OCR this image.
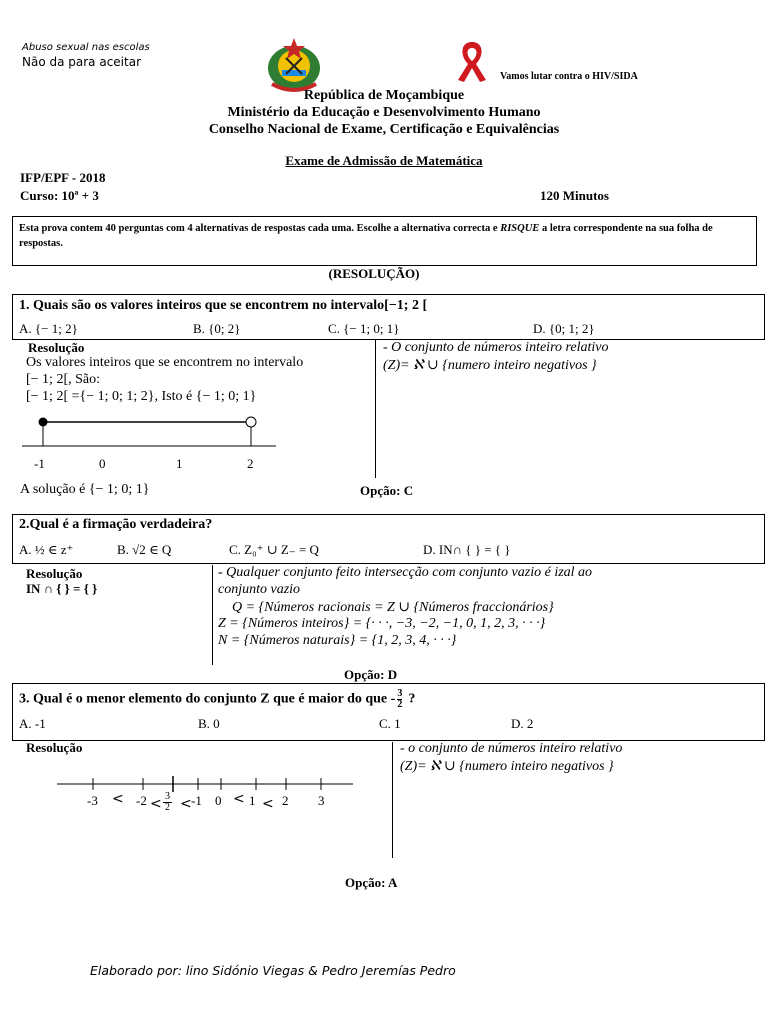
Abuso sexual nas escolas
Não da para aceitar
Vamos lutar contra o HIV/SIDA
República de Moçambique
Ministério da Educação e Desenvolvimento Humano
Conselho Nacional de Exame, Certificação e Equivalências
Exame de Admissão de Matemática
IFP/EPF - 2018
Curso: 10ª + 3	120 Minutos
Esta prova contem 40 perguntas com 4 alternativas de respostas cada uma. Escolhe a alternativa correcta e RISQUE a letra correspondente na sua folha de respostas.
(RESOLUÇÃO)
1. Quais são os valores inteiros que se encontrem no intervalo[−1; 2 [
A. {− 1; 2}	B. {0; 2}	C. {− 1; 0; 1}	D. {0; 1; 2}
Resolução
Os valores inteiros que se encontrem no intervalo
[− 1; 2[, São:
[− 1; 2[ ={− 1; 0; 1; 2}, Isto é {− 1; 0; 1}
-1	0	1	2
A solução é {− 1; 0; 1}
- O conjunto de números inteiro relativo
(Z)= ℵ ∪ {numero inteiro negativos }
Opção: C
2.Qual é a firmação verdadeira?
A. ½ ∈ z⁺	B. √2 ∈ Q	C. Z₀⁺ ∪ Z₋ = Q	D. IN∩ { } = { }
Resolução
IN ∩ { } = { }
- Qualquer conjunto feito intersecção com conjunto vazio é izal ao
conjunto vazio
Q = {Números racionais = Z ∪ {Números fraccionários}
Z = {Números inteiros} = {· · ·, −3, −2, −1, 0, 1, 2, 3, · · ·}
N = {Números naturais} = {1, 2, 3, 4, · · ·}
Opção: D
3. Qual é o menor elemento do conjunto Z que é maior do que - $\frac{3}{2}$ ?
A. -1	B. 0	C. 1	D. 2
Resolução
$-3 < -2 < \frac{3}{2} < -1$ 0 < 1 < 2 3
- o conjunto de números inteiro relativo
(Z)= ℵ ∪ {numero inteiro negativos }
Opção: A
Elaborado por: lino Sidónio Viegas & Pedro Jeremías Pedro
